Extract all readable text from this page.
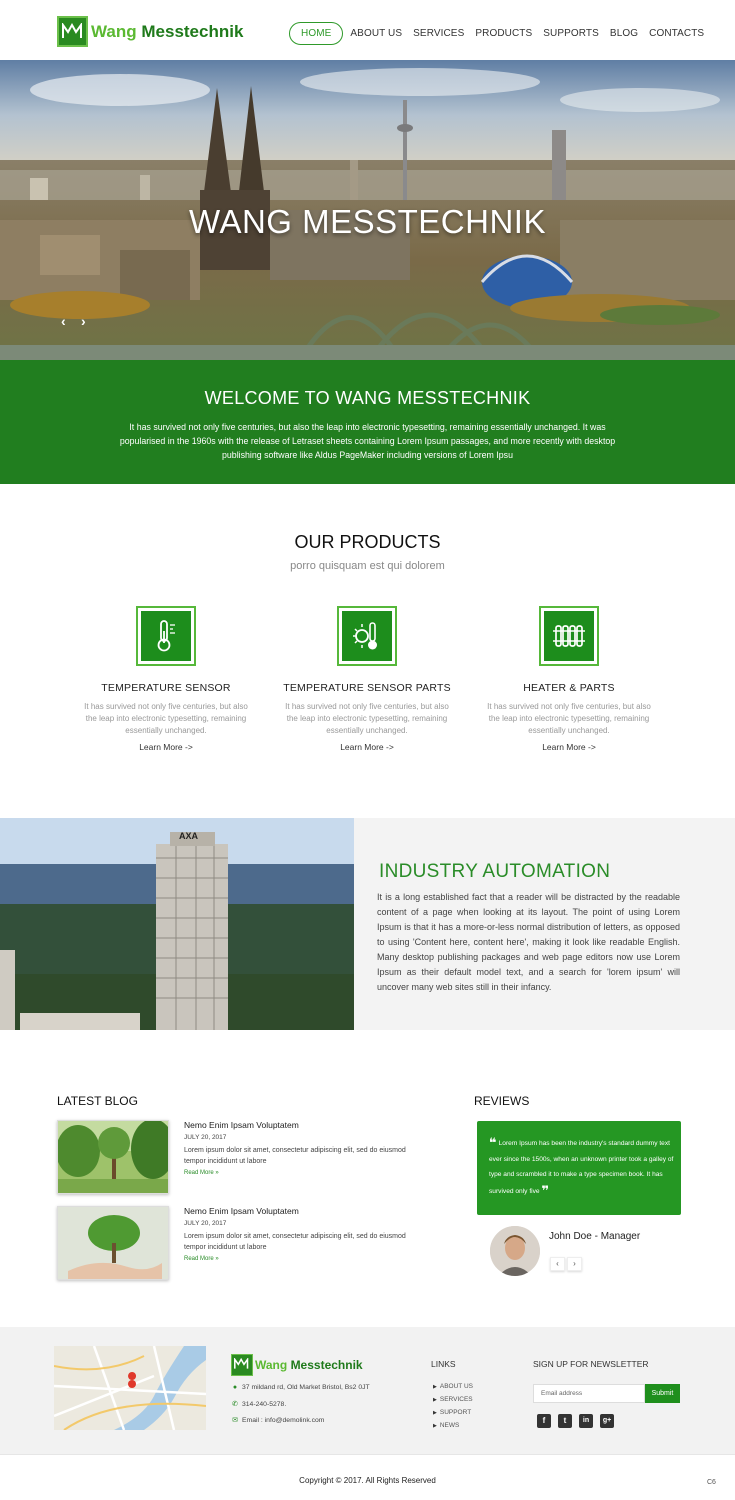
Wang Messtechnik	HOME	ABOUT US SERVICES PRODUCTS SUPPORTS BLOG CONTACTS
WANG MESSTECHNIK
‹ ›
WELCOME TO WANG MESSTECHNIK

It has survived not only five centuries, but also the leap into electronic typesetting, remaining essentially unchanged. It was popularised in the 1960s with the release of Letraset sheets containing Lorem Ipsum passages, and more recently with desktop publishing software like Aldus PageMaker including versions of Lorem Ipsu

OUR PRODUCTS
porro quisquam est qui dolorem
TEMPERATURE SENSOR
It has survived not only five centuries, but also the leap into electronic typesetting, remaining essentially unchanged.
Learn More ->
TEMPERATURE SENSOR PARTS
It has survived not only five centuries, but also the leap into electronic typesetting, remaining essentially unchanged.
Learn More ->
HEATER & PARTS
It has survived not only five centuries, but also the leap into electronic typesetting, remaining essentially unchanged.
Learn More ->
INDUSTRY AUTOMATION

It is a long established fact that a reader will be distracted by the readable content of a page when looking at its layout. The point of using Lorem Ipsum is that it has a more-or-less normal distribution of letters, as opposed to using 'Content here, content here', making it look like readable English. Many desktop publishing packages and web page editors now use Lorem Ipsum as their default model text, and a search for 'lorem ipsum' will uncover many web sites still in their infancy.

AXA
LATEST BLOG
Nemo Enim Ipsam Voluptatem
JULY 20, 2017
Lorem ipsum dolor sit amet, consectetur adipiscing elit, sed do eiusmod tempor incididunt ut labore
Read More »
Nemo Enim Ipsam Voluptatem
JULY 20, 2017
Lorem ipsum dolor sit amet, consectetur adipiscing elit, sed do eiusmod tempor incididunt ut labore
Read More »
REVIEWS

❝ Lorem Ipsum has been the industry's standard dummy text ever since the 1500s, when an unknown printer took a galley of type and scrambled it to make a type specimen book. It has survived only five ❞

John Doe - Manager
‹	›
Wang Messtechnik
● 37 mildand rd, Old Market Bristol, Bs2 0JT
✆ 314-240-5278.
✉ Email : info@demolink.com
LINKS
▶ ABOUT US
▶ SERVICES
▶ SUPPORT
▶ NEWS
SIGN UP FOR NEWSLETTER
Email address
Submit
f	t	in	g+
Copyright © 2017. All Rights Reserved	C6
